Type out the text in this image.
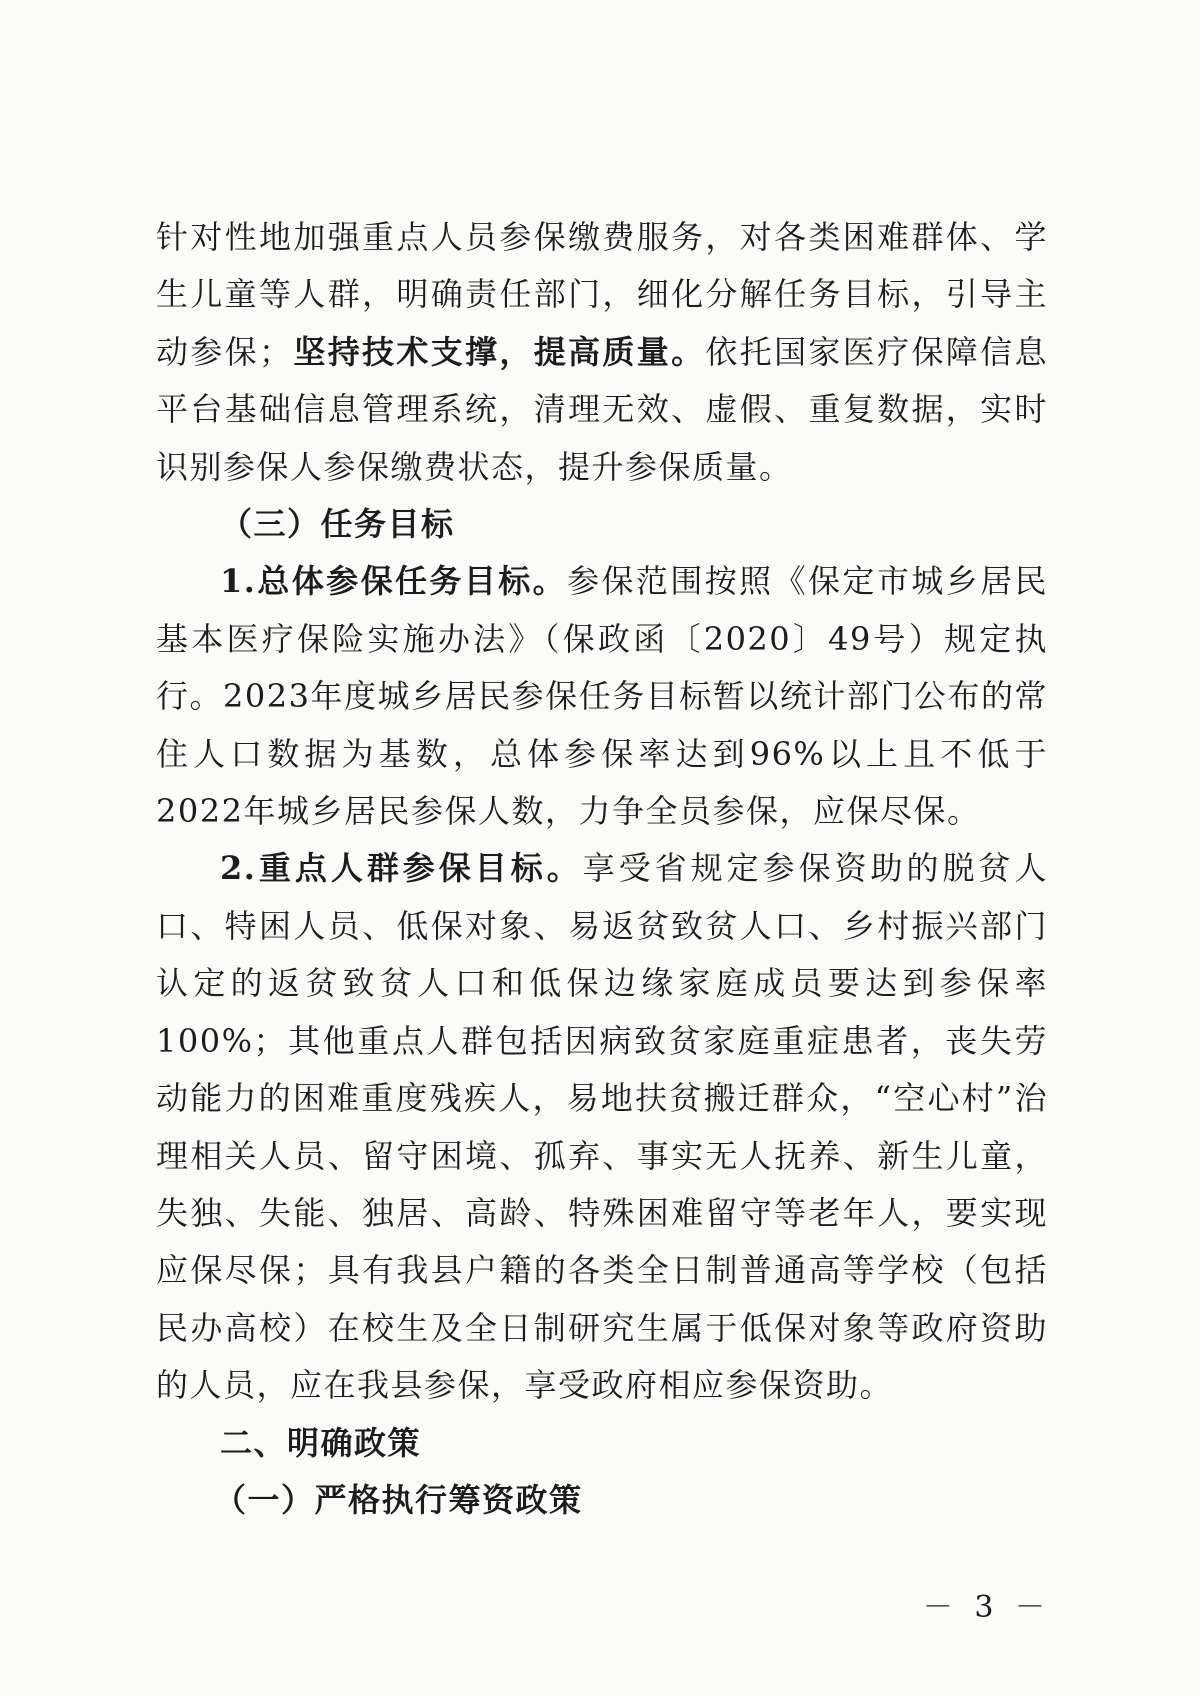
针对性地加强重点人员参保缴费服务，对各类困难群体、学生儿童等人群，明确责任部门，细化分解任务目标，引导主动参保；坚持技术支撑，提高质量。依托国家医疗保障信息平台基础信息管理系统，清理无效、虚假、重复数据，实时识别参保人参保缴费状态，提升参保质量。

（三）任务目标

1.总体参保任务目标。参保范围按照《保定市城乡居民基本医疗保险实施办法》（保政函〔2020〕49号）规定执行。2023年度城乡居民参保任务目标暂以统计部门公布的常住人口数据为基数，总体参保率达到96%以上且不低于2022年城乡居民参保人数，力争全员参保，应保尽保。

2.重点人群参保目标。享受省规定参保资助的脱贫人口、特困人员、低保对象、易返贫致贫人口、乡村振兴部门认定的返贫致贫人口和低保边缘家庭成员要达到参保率 100%；其他重点人群包括因病致贫家庭重症患者，丧失劳动能力的困难重度残疾人，易地扶贫搬迁群众，“空心村”治理相关人员、留守困境、孤弃、事实无人抚养、新生儿童，失独、失能、独居、高龄、特殊困难留守等老年人，要实现应保尽保；具有我县户籍的各类全日制普通高等学校（包括民办高校）在校生及全日制研究生属于低保对象等政府资助的人员，应在我县参保，享受政府相应参保资助。

二、明确政策

（一）严格执行筹资政策

－ 3 －
